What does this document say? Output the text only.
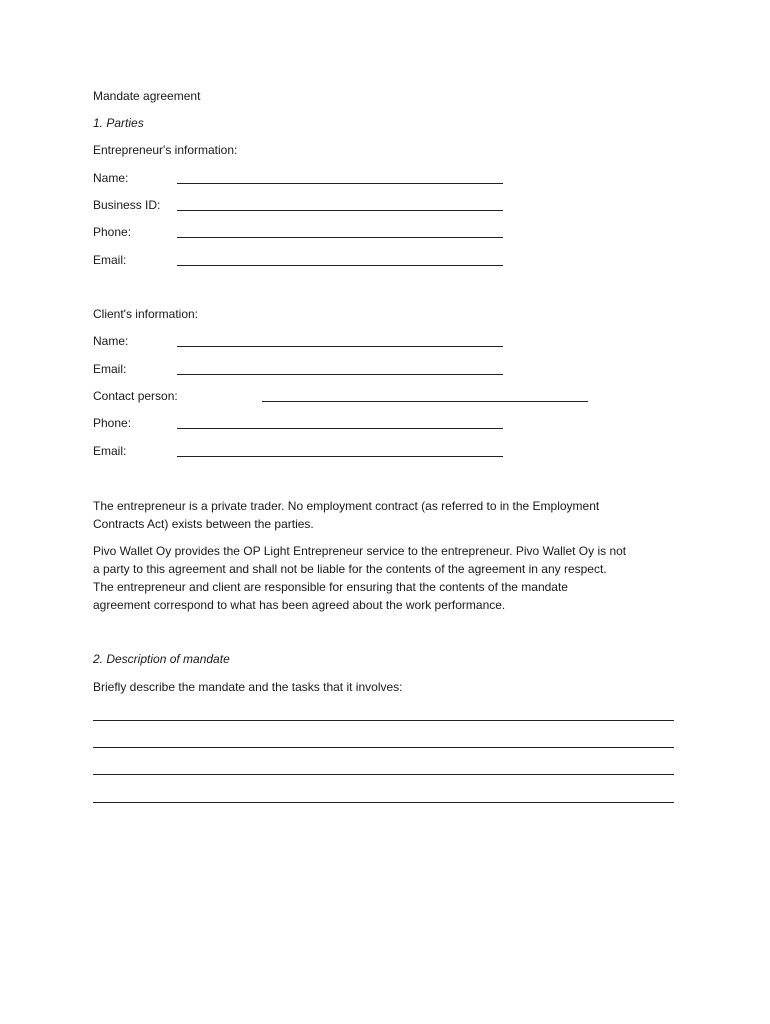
Mandate agreement
1. Parties
Entrepreneur's information:
Name:
Business ID:
Phone:
Email:
Client's information:
Name:
Email:
Contact person:
Phone:
Email:
The entrepreneur is a private trader. No employment contract (as referred to in the Employment
Contracts Act) exists between the parties.
Pivo Wallet Oy provides the OP Light Entrepreneur service to the entrepreneur. Pivo Wallet Oy is not
a party to this agreement and shall not be liable for the contents of the agreement in any respect.
The entrepreneur and client are responsible for ensuring that the contents of the mandate
agreement correspond to what has been agreed about the work performance.
2. Description of mandate
Briefly describe the mandate and the tasks that it involves:
